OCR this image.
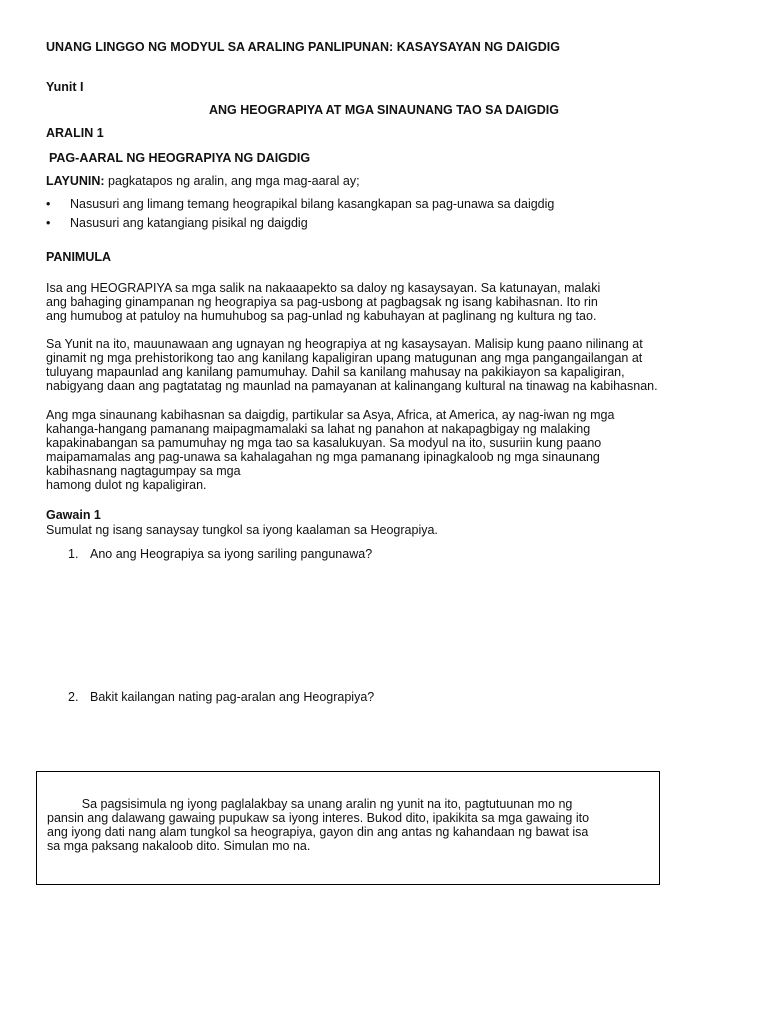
UNANG LINGGO NG MODYUL SA ARALING PANLIPUNAN: KASAYSAYAN NG DAIGDIG

Yunit I

ANG HEOGRAPIYA AT MGA SINAUNANG TAO SA DAIGDIG

ARALIN 1

PAG-AARAL NG HEOGRAPIYA NG DAIGDIG

LAYUNIN: pagkatapos ng aralin, ang mga mag-aaral ay;

• Nasusuri ang limang temang heograpikal bilang kasangkapan sa pag-unawa sa daigdig
• Nasusuri ang katangiang pisikal ng daigdig

PANIMULA

Isa ang HEOGRAPIYA sa mga salik na nakaaapekto sa daloy ng kasaysayan. Sa katunayan, malaki
ang bahaging ginampanan ng heograpiya sa pag-usbong at pagbagsak ng isang kabihasnan. Ito rin
ang humubog at patuloy na humuhubog sa pag-unlad ng kabuhayan at paglinang ng kultura ng tao.
Sa Yunit na ito, mauunawaan ang ugnayan ng heograpiya at ng kasaysayan. Malisip kung paano nilinang at
ginamit ng mga prehistorikong tao ang kanilang kapaligiran upang matugunan ang mga pangangailangan at
tuluyang mapaunlad ang kanilang pamumuhay. Dahil sa kanilang mahusay na pakikiayon sa kapaligiran,
nabigyang daan ang pagtatatag ng maunlad na pamayanan at kalinangang kultural na tinawag na kabihasnan.
Ang mga sinaunang kabihasnan sa daigdig, partikular sa Asya, Africa, at America, ay nag-iwan ng mga
kahanga-hangang pamanang maipagmamalaki sa lahat ng panahon at nakapagbigay ng malaking
kapakinabangan sa pamumuhay ng mga tao sa kasalukuyan. Sa modyul na ito, susuriin kung paano
maipamamalas ang pag-unawa sa kahalagahan ng mga pamanang ipinagkaloob ng mga sinaunang
kabihasnang nagtagumpay sa mga
hamong dulot ng kapaligiran.

Gawain 1

Sumulat ng isang sanaysay tungkol sa iyong kaalaman sa Heograpiya.

1. Ano ang Heograpiya sa iyong sariling pangunawa?

2. Bakit kailangan nating pag-aralan ang Heograpiya?

Sa pagsisimula ng iyong paglalakbay sa unang aralin ng yunit na ito, pagtutuunan mo ng
pansin ang dalawang gawaing pupukaw sa iyong interes. Bukod dito, ipakikita sa mga gawaing ito
ang iyong dati nang alam tungkol sa heograpiya, gayon din ang antas ng kahandaan ng bawat isa
sa mga paksang nakaloob dito. Simulan mo na.
